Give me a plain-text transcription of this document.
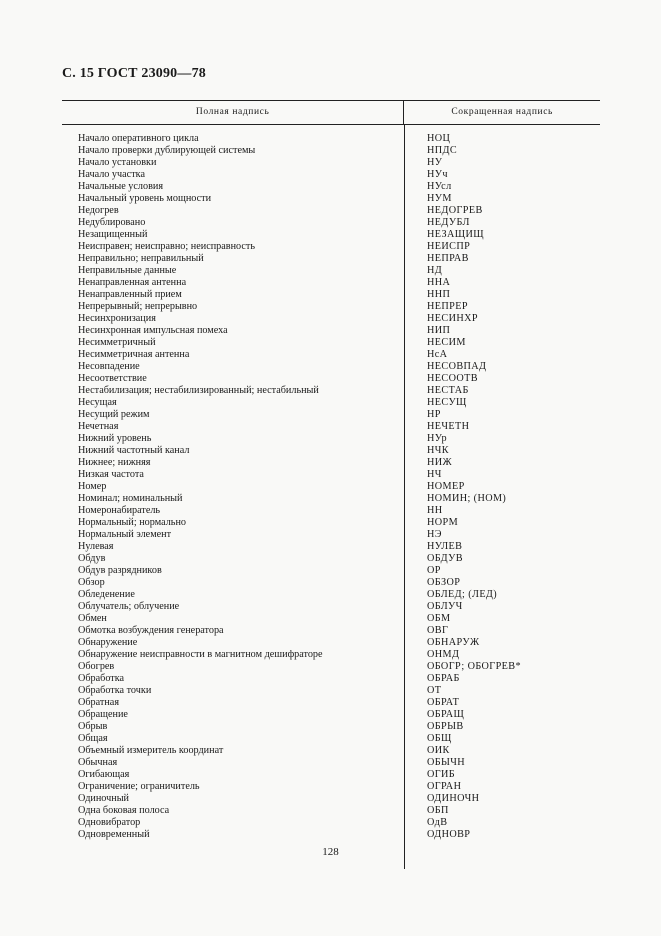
С. 15 ГОСТ 23090—78
Полная надпись	Сокращенная надпись
Начало оперативного цикла	НОЦ
Начало проверки дублирующей системы	НПДС
Начало установки	НУ
Начало участка	НУч
Начальные условия	НУсл
Начальный уровень мощности	НУМ
Недогрев	НЕДОГРЕВ
Недублировано	НЕДУБЛ
Незащищенный	НЕЗАЩИЩ
Неисправен; неисправно; неисправность	НЕИСПР
Неправильно; неправильный	НЕПРАВ
Неправильные данные	НД
Ненаправленная антенна	ННА
Ненаправленный прием	ННП
Непрерывный; непрерывно	НЕПРЕР
Несинхронизация	НЕСИНХР
Несинхронная импульсная помеха	НИП
Несимметричный	НЕСИМ
Несимметричная антенна	НсА
Несовпадение	НЕСОВПАД
Несоответствие	НЕСООТВ
Нестабилизация; нестабилизированный; нестабильный	НЕСТАБ
Несущая	НЕСУЩ
Несущий режим	НР
Нечетная	НЕЧЕТН
Нижний уровень	НУр
Нижний частотный канал	НЧК
Нижнее; нижняя	НИЖ
Низкая частота	НЧ
Номер	НОМЕР
Номинал; номинальный	НОМИН; (НОМ)
Номеронабиратель	НН
Нормальный; нормально	НОРМ
Нормальный элемент	НЭ
Нулевая	НУЛЕВ
Обдув	ОБДУВ
Обдув разрядников	ОР
Обзор	ОБЗОР
Обледенение	ОБЛЕД; (ЛЕД)
Облучатель; облучение	ОБЛУЧ
Обмен	ОБМ
Обмотка возбуждения генератора	ОВГ
Обнаружение	ОБНАРУЖ
Обнаружение неисправности в магнитном дешифраторе	ОНМД
Обогрев	ОБОГР; ОБОГРЕВ*
Обработка	ОБРАБ
Обработка точки	ОТ
Обратная	ОБРАТ
Обращение	ОБРАЩ
Обрыв	ОБРЫВ
Общая	ОБЩ
Объемный измеритель координат	ОИК
Обычная	ОБЫЧН
Огибающая	ОГИБ
Ограничение; ограничитель	ОГРАН
Одиночный	ОДИНОЧН
Одна боковая полоса	ОБП
Одновибратор	ОдВ
Одновременный	ОДНОВР
128
